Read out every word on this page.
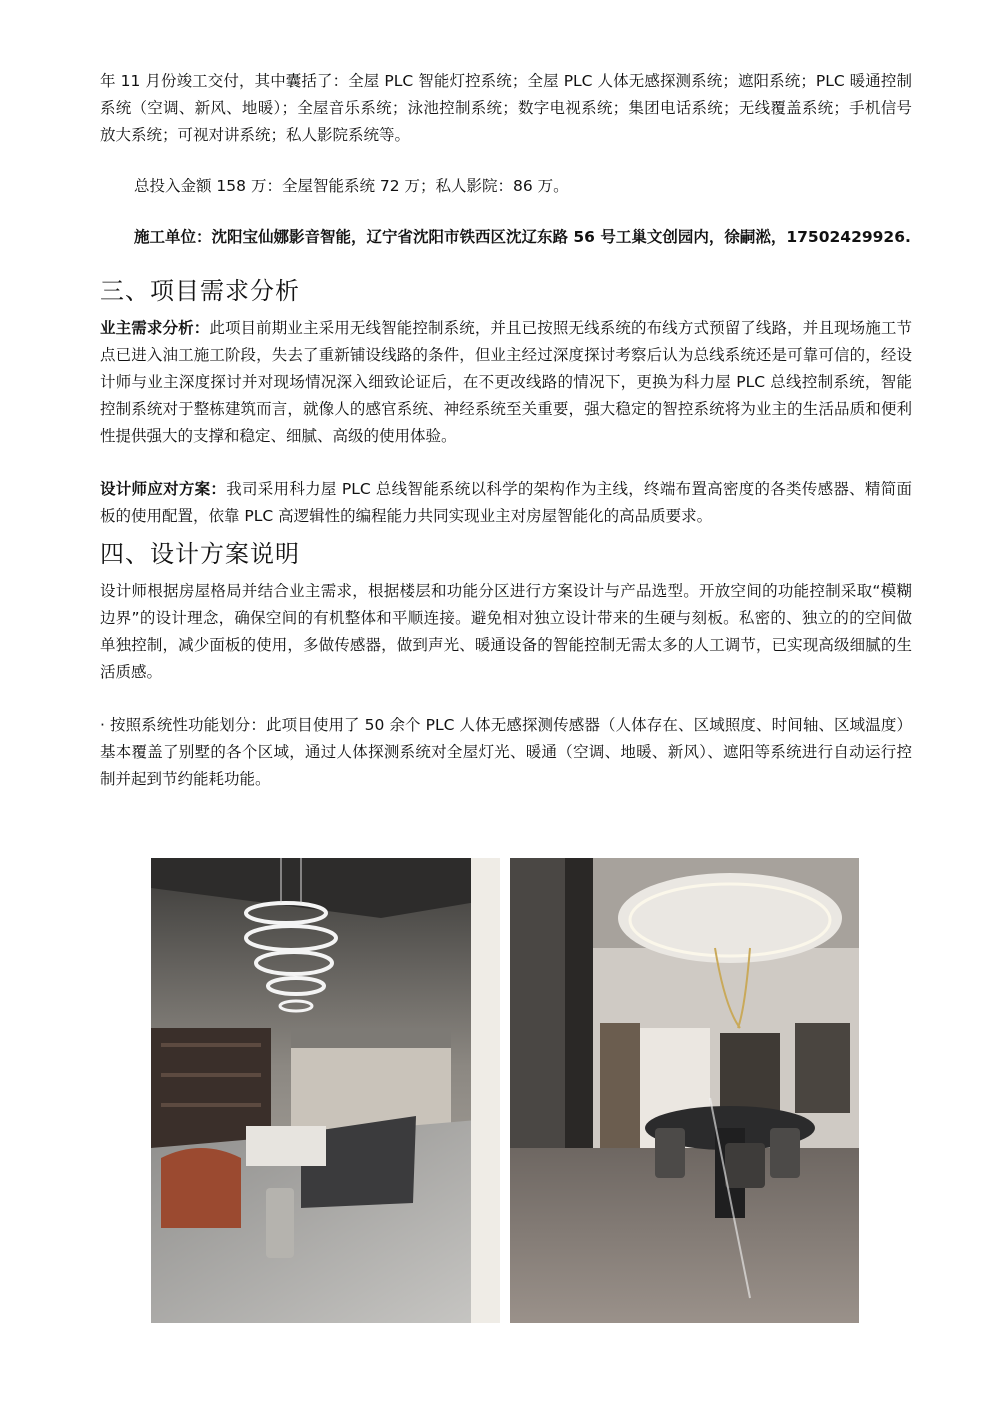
年 11 月份竣工交付，其中囊括了：全屋 PLC 智能灯控系统；全屋 PLC 人体无感探测系统；遮阳系统；PLC 暖通控制系统（空调、新风、地暖）；全屋音乐系统；泳池控制系统；数字电视系统；集团电话系统；无线覆盖系统；手机信号放大系统；可视对讲系统；私人影院系统等。

总投入金额 158 万：全屋智能系统 72 万；私人影院：86 万。

施工单位：沈阳宝仙娜影音智能，辽宁省沈阳市铁西区沈辽东路 56 号工巢文创园内，徐嗣淞，17502429926.

三、项目需求分析

业主需求分析：此项目前期业主采用无线智能控制系统，并且已按照无线系统的布线方式预留了线路，并且现场施工节点已进入油工施工阶段，失去了重新铺设线路的条件，但业主经过深度探讨考察后认为总线系统还是可靠可信的，经设计师与业主深度探讨并对现场情况深入细致论证后，在不更改线路的情况下，更换为科力屋 PLC 总线控制系统，智能控制系统对于整栋建筑而言，就像人的感官系统、神经系统至关重要，强大稳定的智控系统将为业主的生活品质和便利性提供强大的支撑和稳定、细腻、高级的使用体验。

设计师应对方案：我司采用科力屋 PLC 总线智能系统以科学的架构作为主线，终端布置高密度的各类传感器、精简面板的使用配置，依靠 PLC 高逻辑性的编程能力共同实现业主对房屋智能化的高品质要求。

四、设计方案说明

设计师根据房屋格局并结合业主需求，根据楼层和功能分区进行方案设计与产品选型。开放空间的功能控制采取“模糊边界”的设计理念，确保空间的有机整体和平顺连接。避免相对独立设计带来的生硬与刻板。私密的、独立的的空间做单独控制，减少面板的使用，多做传感器，做到声光、暖通设备的智能控制无需太多的人工调节，已实现高级细腻的生活质感。

· 按照系统性功能划分：此项目使用了 50 余个 PLC 人体无感探测传感器（人体存在、区域照度、时间轴、区域温度）基本覆盖了别墅的各个区域，通过人体探测系统对全屋灯光、暖通（空调、地暖、新风）、遮阳等系统进行自动运行控制并起到节约能耗功能。
